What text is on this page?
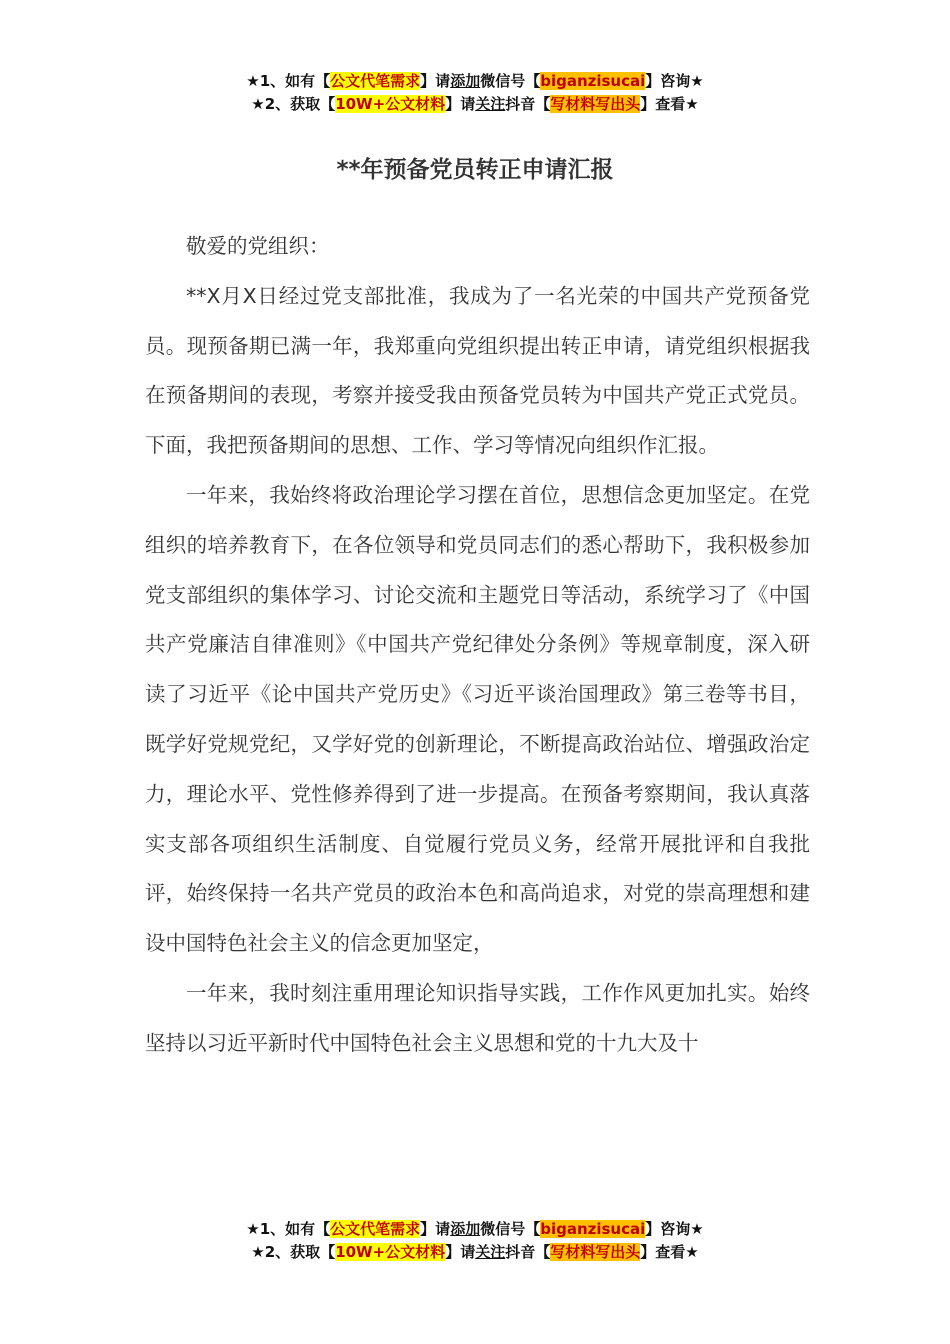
★1、如有【公文代笔需求】请添加微信号【biganzisucai】咨询★
★2、获取【10W+公文材料】请关注抖音【写材料写出头】查看★
**年预备党员转正申请汇报

敬爱的党组织：

**X月X日经过党支部批准，我成为了一名光荣的中国共产党预备党员。现预备期已满一年，我郑重向党组织提出转正申请，请党组织根据我在预备期间的表现，考察并接受我由预备党员转为中国共产党正式党员。下面，我把预备期间的思想、工作、学习等情况向组织作汇报。

一年来，我始终将政治理论学习摆在首位，思想信念更加坚定。在党组织的培养教育下，在各位领导和党员同志们的悉心帮助下，我积极参加党支部组织的集体学习、讨论交流和主题党日等活动，系统学习了《中国共产党廉洁自律准则》《中国共产党纪律处分条例》等规章制度，深入研读了习近平《论中国共产党历史》《习近平谈治国理政》第三卷等书目，既学好党规党纪，又学好党的创新理论，不断提高政治站位、增强政治定力，理论水平、党性修养得到了进一步提高。在预备考察期间，我认真落实支部各项组织生活制度、自觉履行党员义务，经常开展批评和自我批评，始终保持一名共产党员的政治本色和高尚追求，对党的崇高理想和建设中国特色社会主义的信念更加坚定，

一年来，我时刻注重用理论知识指导实践，工作作风更加扎实。始终坚持以习近平新时代中国特色社会主义思想和党的十九大及十

★1、如有【公文代笔需求】请添加微信号【biganzisucai】咨询★
★2、获取【10W+公文材料】请关注抖音【写材料写出头】查看★
